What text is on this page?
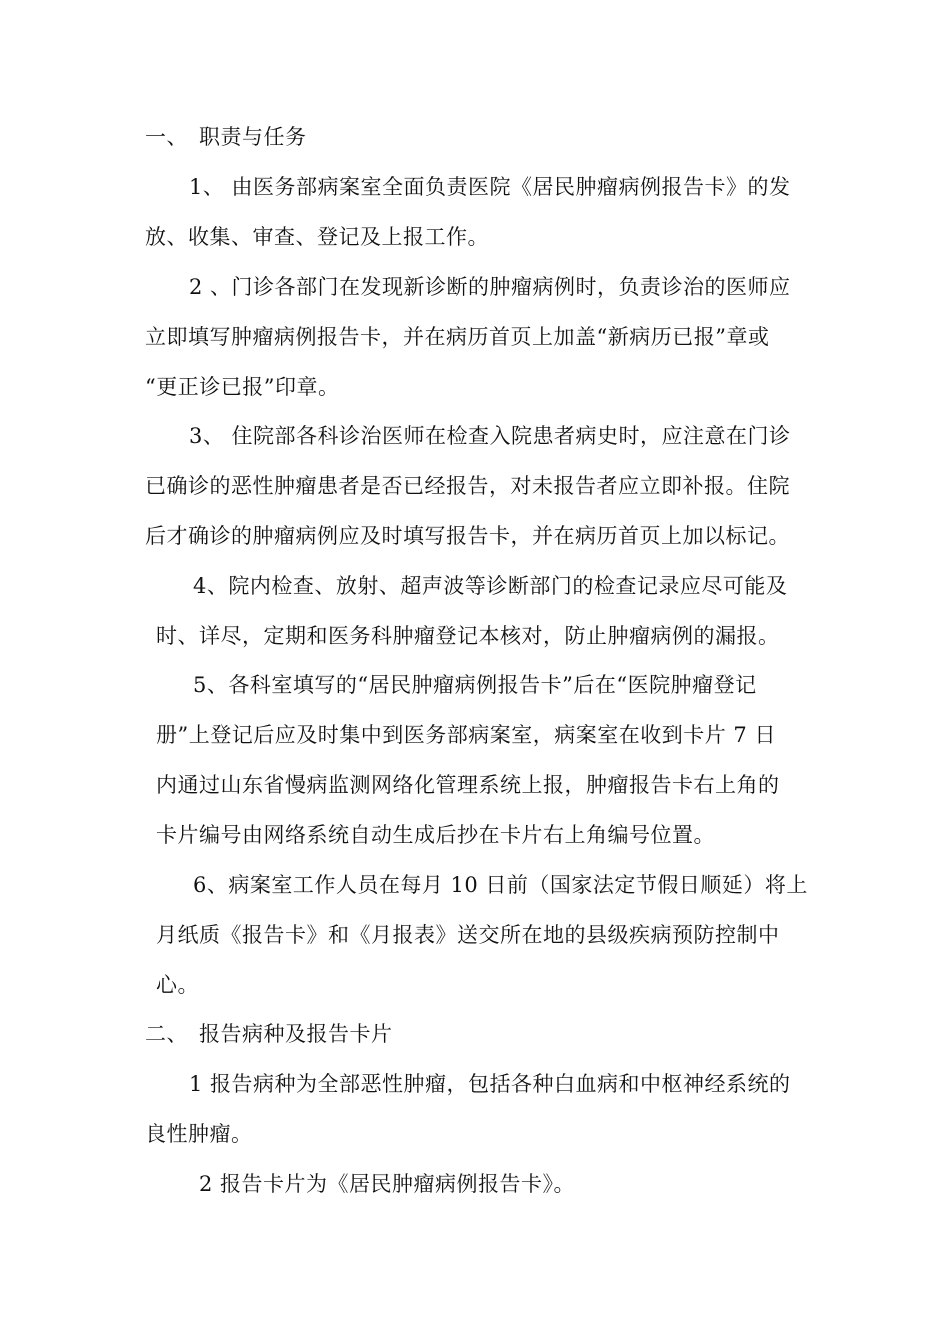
一、　职责与任务
1、 由医务部病案室全面负责医院《居民肿瘤病例报告卡》的发
放、收集、审查、登记及上报工作。
2 、门诊各部门在发现新诊断的肿瘤病例时，负责诊治的医师应
立即填写肿瘤病例报告卡，并在病历首页上加盖“新病历已报”章或
“更正诊已报”印章。
3、 住院部各科诊治医师在检查入院患者病史时，应注意在门诊
已确诊的恶性肿瘤患者是否已经报告，对未报告者应立即补报。住院
后才确诊的肿瘤病例应及时填写报告卡，并在病历首页上加以标记。
4、院内检查、放射、超声波等诊断部门的检查记录应尽可能及
时、详尽，定期和医务科肿瘤登记本核对，防止肿瘤病例的漏报。
5、各科室填写的“居民肿瘤病例报告卡”后在“医院肿瘤登记
册”上登记后应及时集中到医务部病案室，病案室在收到卡片 7 日
内通过山东省慢病监测网络化管理系统上报，肿瘤报告卡右上角的
卡片编号由网络系统自动生成后抄在卡片右上角编号位置。
6、病案室工作人员在每月 10 日前（国家法定节假日顺延）将上
月纸质《报告卡》和《月报表》送交所在地的县级疾病预防控制中
心。
二、　报告病种及报告卡片
1 报告病种为全部恶性肿瘤，包括各种白血病和中枢神经系统的
良性肿瘤。
2 报告卡片为《居民肿瘤病例报告卡》。
